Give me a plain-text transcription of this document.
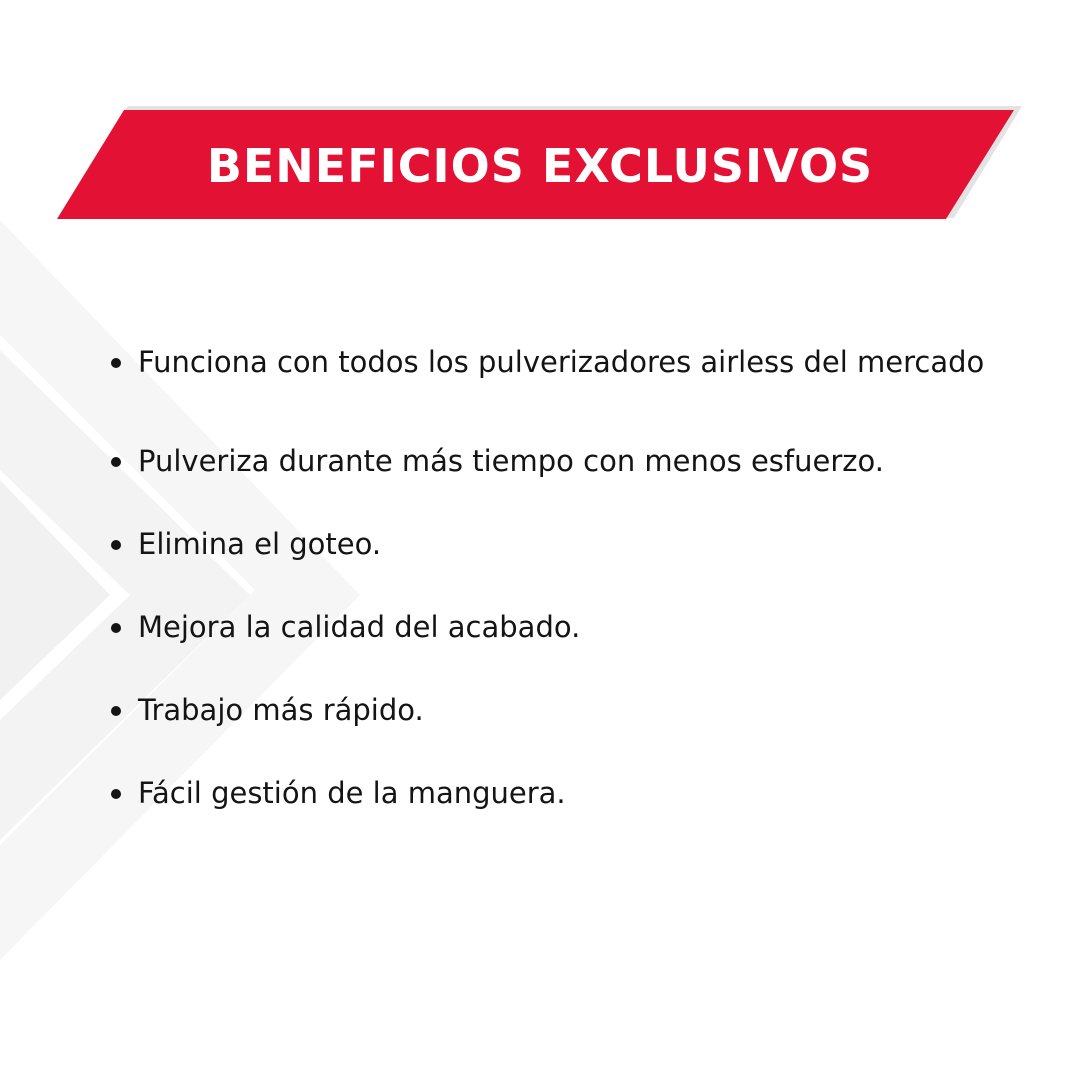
BENEFICIOS EXCLUSIVOS
Funciona con todos los pulverizadores airless del mercado
Pulveriza durante más tiempo con menos esfuerzo.
Elimina el goteo.
Mejora la calidad del acabado.
Trabajo más rápido.
Fácil gestión de la manguera.
